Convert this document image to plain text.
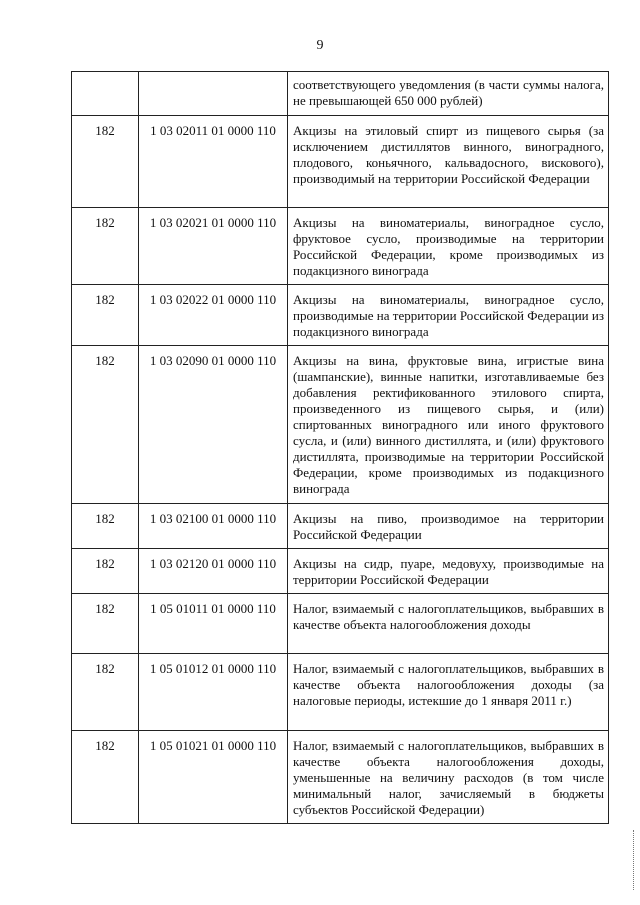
9
		соответствующего уведомления (в части суммы налога, не превышающей 650 000 рублей)
182	1 03 02011 01 0000 110	Акцизы на этиловый спирт из пищевого сырья (за исключением дистиллятов винного, виноградного, плодового, коньячного, кальвадосного, вискового), производимый на территории Российской Федерации
182	1 03 02021 01 0000 110	Акцизы на виноматериалы, виноградное сусло, фруктовое сусло, производимые на территории Российской Федерации, кроме производимых из подакцизного винограда
182	1 03 02022 01 0000 110	Акцизы на виноматериалы, виноградное сусло, производимые на территории Российской Федерации из подакцизного винограда
182	1 03 02090 01 0000 110	Акцизы на вина, фруктовые вина, игристые вина (шампанские), винные напитки, изготавливаемые без добавления ректификованного этилового спирта, произведенного из пищевого сырья, и (или) спиртованных виноградного или иного фруктового сусла, и (или) винного дистиллята, и (или) фруктового дистиллята, производимые на территории Российской Федерации, кроме производимых из подакцизного винограда
182	1 03 02100 01 0000 110	Акцизы на пиво, производимое на территории Российской Федерации
182	1 03 02120 01 0000 110	Акцизы на сидр, пуаре, медовуху, производимые на территории Российской Федерации
182	1 05 01011 01 0000 110	Налог, взимаемый с налогоплательщиков, выбравших в качестве объекта налогообложения доходы
182	1 05 01012 01 0000 110	Налог, взимаемый с налогоплательщиков, выбравших в качестве объекта налогообложения доходы (за налоговые периоды, истекшие до 1 января 2011 г.)
182	1 05 01021 01 0000 110	Налог, взимаемый с налогоплательщиков, выбравших в качестве объекта налогообложения доходы, уменьшенные на величину расходов (в том числе минимальный налог, зачисляемый в бюджеты субъектов Российской Федерации)
